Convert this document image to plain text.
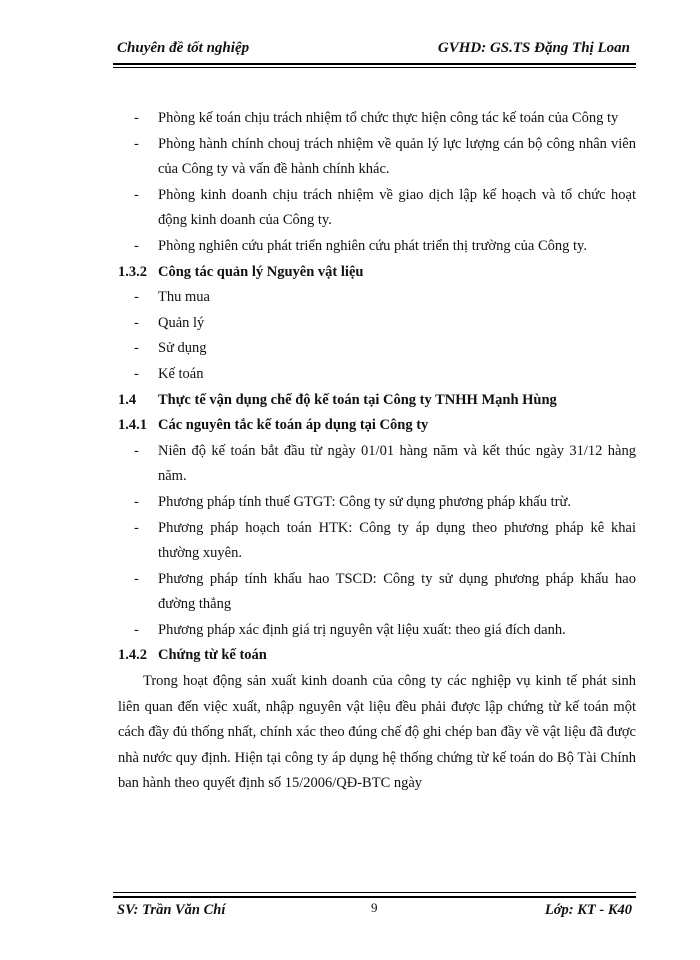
Chuyên đề tốt nghiệp	GVHD: GS.TS Đặng Thị Loan
-	Phòng kế toán chịu trách nhiệm tổ chức thực hiện công tác kế toán của Công ty
-	Phòng hành chính chouj trách nhiệm về quản lý lực lượng cán bộ công nhân viên của Công ty và vấn đề hành chính khác.
-	Phòng kinh doanh chịu trách nhiệm về giao dịch lập kế hoạch và tổ chức hoạt động kinh doanh của Công ty.
-	Phòng nghiên cứu phát triển nghiên cứu phát triển thị trường của Công ty.
1.3.2 Công tác quản lý Nguyên vật liệu
-	Thu mua
-	Quản lý
-	Sử dụng
-	Kế toán
1.4	Thực tế vận dụng chế độ kế toán tại Công ty TNHH Mạnh Hùng
1.4.1 Các nguyên tắc kế toán áp dụng tại Công ty
-	Niên độ kế toán bắt đầu từ ngày 01/01 hàng năm và kết thúc ngày 31/12 hàng năm.
-	Phương pháp tính thuế GTGT: Công ty sử dụng phương pháp khấu trừ.
-	Phương pháp hoạch toán HTK: Công ty áp dụng theo phương pháp kê khai thường xuyên.
-	Phương pháp tính khấu hao TSCD: Công ty sử dụng phương pháp khấu hao đường thẳng
-	Phương pháp xác định giá trị nguyên vật liệu xuất: theo giá đích danh.
1.4.2 Chứng từ kế toán
Trong hoạt động sản xuất kinh doanh của công ty các nghiệp vụ kinh tế phát sinh liên quan đến việc xuất, nhập nguyên vật liệu đều phải được lập chứng từ kế toán một cách đầy đủ thống nhất, chính xác theo đúng chế độ ghi chép ban đầy về vật liệu đã được nhà nước quy định. Hiện tại công ty áp dụng hệ thống chứng từ kế toán do Bộ Tài Chính ban hành theo quyết định số 15/2006/QĐ-BTC ngày
SV: Trần Văn Chí	9	Lớp: KT - K40
